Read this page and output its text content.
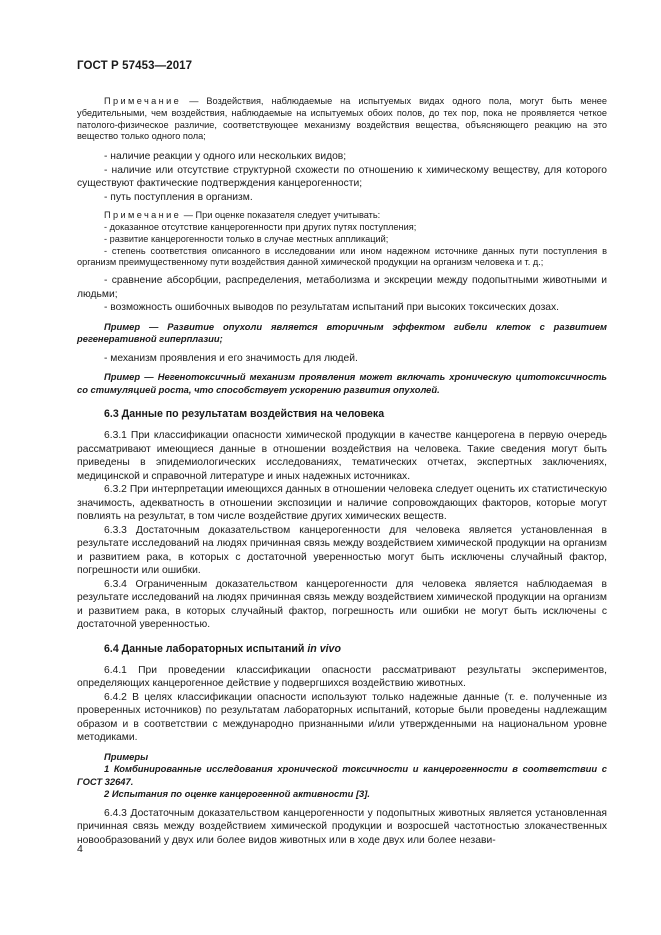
ГОСТ Р 57453—2017

Примечание — Воздействия, наблюдаемые на испытуемых видах одного пола, могут быть менее убедительными, чем воздействия, наблюдаемые на испытуемых обоих полов, до тех пор, пока не проявляется четкое патолого-физическое различие, соответствующее механизму воздействия вещества, объясняющего реакцию на это вещество только одного пола;

- наличие реакции у одного или нескольких видов;

- наличие или отсутствие структурной схожести по отношению к химическому веществу, для которого существуют фактические подтверждения канцерогенности;

- путь поступления в организм.

Примечание — При оценке показателя следует учитывать:

- доказанное отсутствие канцерогенности при других путях поступления;

- развитие канцерогенности только в случае местных аппликаций;

- степень соответствия описанного в исследовании или ином надежном источнике данных пути поступления в организм преимущественному пути воздействия данной химической продукции на организм человека и т. д.;

- сравнение абсорбции, распределения, метаболизма и экскреции между подопытными животными и людьми;

- возможность ошибочных выводов по результатам испытаний при высоких токсических дозах.

Пример — Развитие опухоли является вторичным эффектом гибели клеток с развитием регенеративной гиперплазии;

- механизм проявления и его значимость для людей.

Пример — Негенотоксичный механизм проявления может включать хроническую цитотоксичность со стимуляцией роста, что способствует ускорению развития опухолей.

6.3 Данные по результатам воздействия на человека

6.3.1 При классификации опасности химической продукции в качестве канцерогена в первую очередь рассматривают имеющиеся данные в отношении воздействия на человека. Такие сведения могут быть приведены в эпидемиологических исследованиях, тематических отчетах, экспертных заключениях, медицинской и справочной литературе и иных надежных источниках.

6.3.2 При интерпретации имеющихся данных в отношении человека следует оценить их статистическую значимость, адекватность в отношении экспозиции и наличие сопровождающих факторов, которые могут повлиять на результат, в том числе воздействие других химических веществ.

6.3.3 Достаточным доказательством канцерогенности для человека является установленная в результате исследований на людях причинная связь между воздействием химической продукции на организм и развитием рака, в которых с достаточной уверенностью могут быть исключены случайный фактор, погрешности или ошибки.

6.3.4 Ограниченным доказательством канцерогенности для человека является наблюдаемая в результате исследований на людях причинная связь между воздействием химической продукции на организм и развитием рака, в которых случайный фактор, погрешность или ошибки не могут быть исключены с достаточной уверенностью.

6.4 Данные лабораторных испытаний in vivo

6.4.1 При проведении классификации опасности рассматривают результаты экспериментов, определяющих канцерогенное действие у подвергшихся воздействию животных.

6.4.2 В целях классификации опасности используют только надежные данные (т. е. полученные из проверенных источников) по результатам лабораторных испытаний, которые были проведены надлежащим образом и в соответствии с международно признанными и/или утвержденными на национальном уровне методиками.

Примеры

1 Комбинированные исследования хронической токсичности и канцерогенности в соответствии с ГОСТ 32647.

2 Испытания по оценке канцерогенной активности [3].

6.4.3 Достаточным доказательством канцерогенности у подопытных животных является установленная причинная связь между воздействием химической продукции и возросшей частотностью злокачественных новообразований у двух или более видов животных или в ходе двух или более незави-

4
